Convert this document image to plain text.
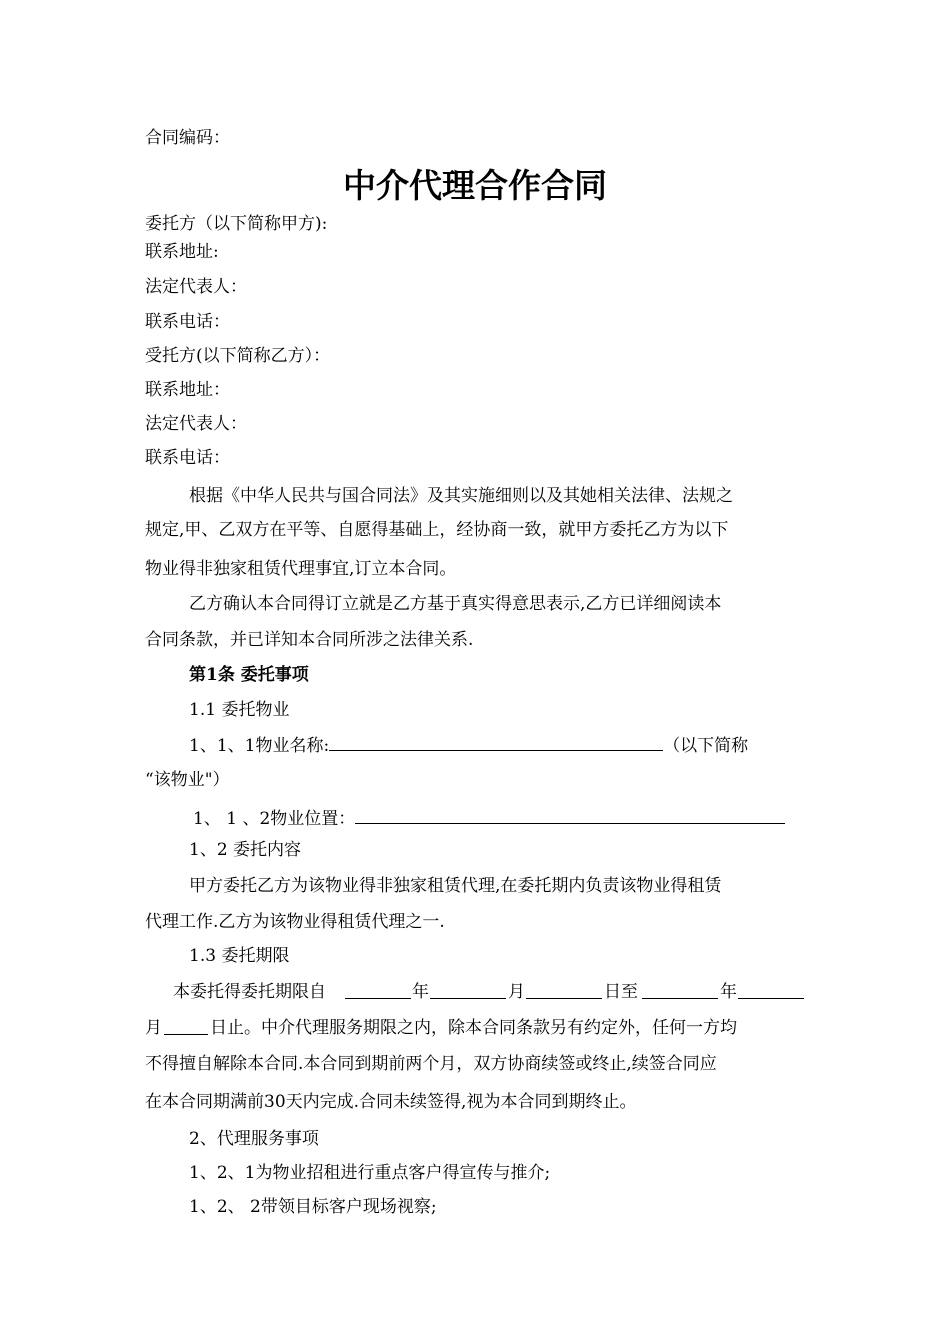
合同编码：
中介代理合作合同
委托方（以下简称甲方):
联系地址:
法定代表人：
联系电话：
受托方(以下简称乙方）：
联系地址：
法定代表人：
联系电话：
根据《中华人民共与国合同法》及其实施细则以及其她相关法律、法规之
规定,甲、乙双方在平等、自愿得基础上，经协商一致，就甲方委托乙方为以下
物业得非独家租赁代理事宜,订立本合同。
乙方确认本合同得订立就是乙方基于真实得意思表示,乙方已详细阅读本
合同条款，并已详知本合同所涉之法律关系.
第1条 委托事项
1.1 委托物业
1、1、1物业名称:	（以下简称
“该物业"）
1、 1 、2物业位置：
1、2 委托内容
甲方委托乙方为该物业得非独家租赁代理,在委托期内负责该物业得租赁
代理工作.乙方为该物业得租赁代理之一.
1.3 委托期限
本委托得委托期限自	年	月	日至	年
月	日止。中介代理服务期限之内，除本合同条款另有约定外，任何一方均
不得擅自解除本合同.本合同到期前两个月，双方协商续签或终止,续签合同应
在本合同期满前30天内完成.合同未续签得,视为本合同到期终止。
2、代理服务事项
1、2、1为物业招租进行重点客户得宣传与推介;
1、2、 2带领目标客户现场视察;
